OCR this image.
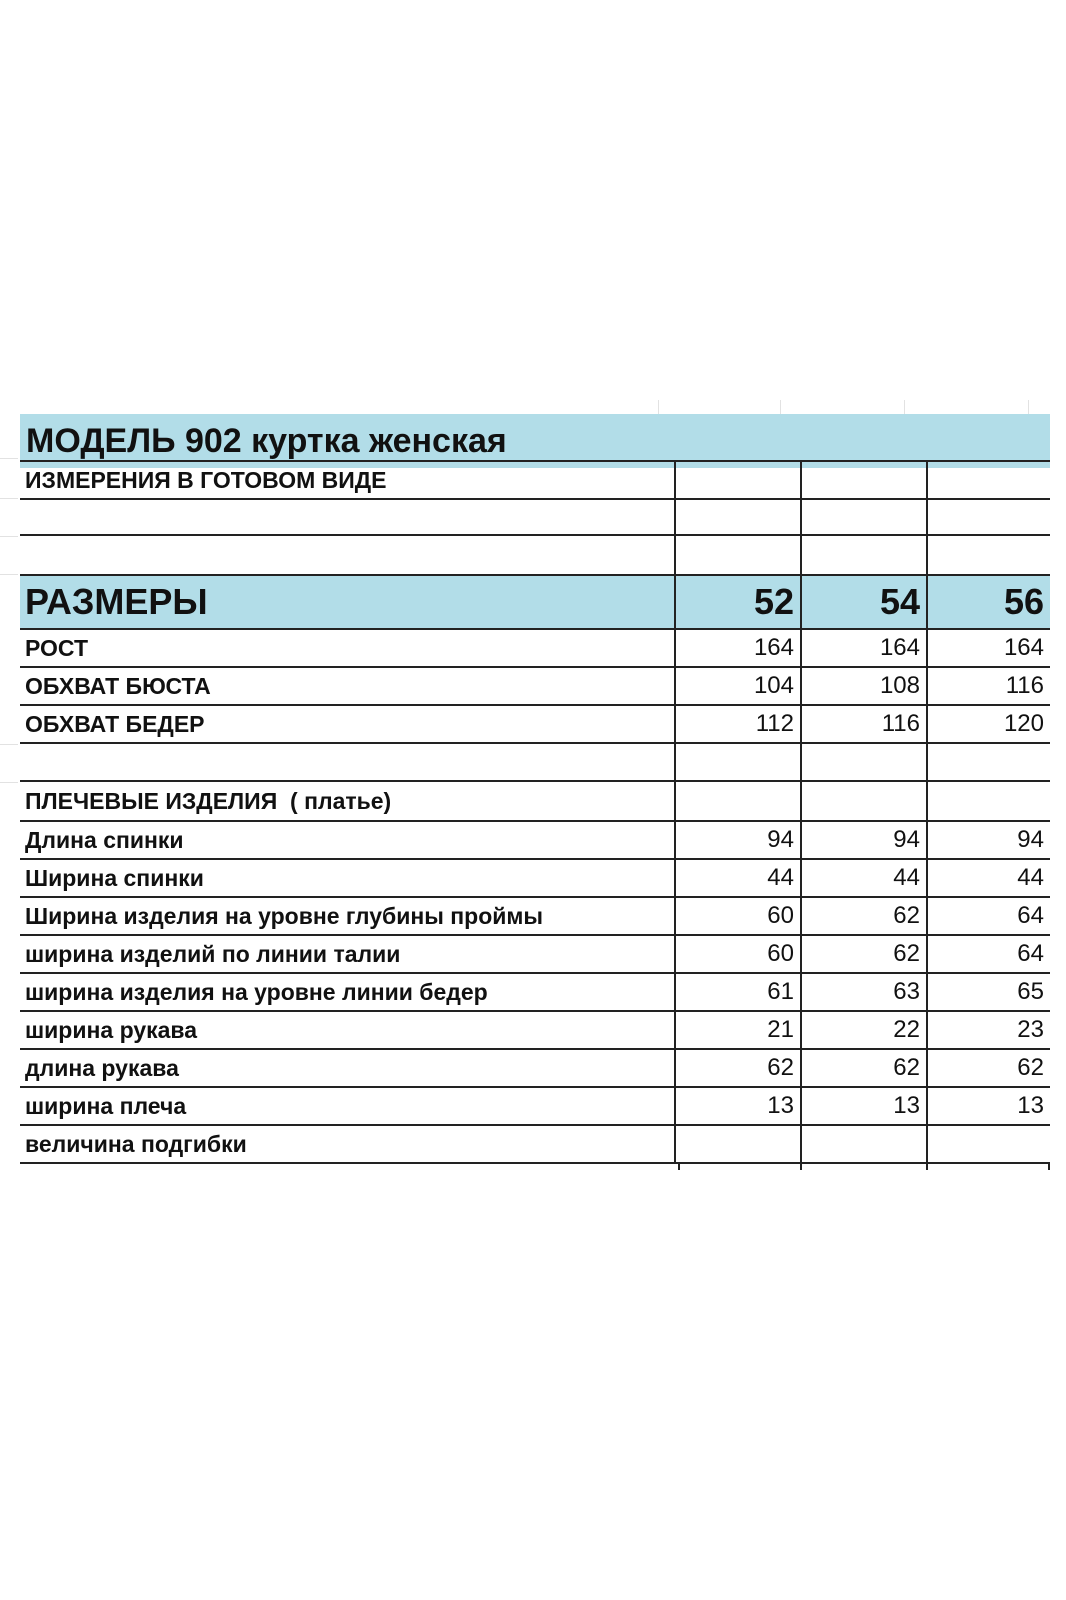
МОДЕЛЬ 902 куртка женская
ИЗМЕРЕНИЯ В ГОТОВОМ ВИДЕ
РАЗМЕРЫ	52	54	56
РОСТ	164	164	164
ОБХВАТ БЮСТА	104	108	116
ОБХВАТ БЕДЕР	112	116	120
ПЛЕЧЕВЫЕ ИЗДЕЛИЯ  ( платье)
Длина спинки	94	94	94
Ширина спинки	44	44	44
Ширина изделия на уровне глубины проймы	60	62	64
ширина изделий по линии талии	60	62	64
ширина изделия на уровне линии бедер	61	63	65
ширина рукава	21	22	23
длина рукава	62	62	62
ширина плеча	13	13	13
величина подгибки
